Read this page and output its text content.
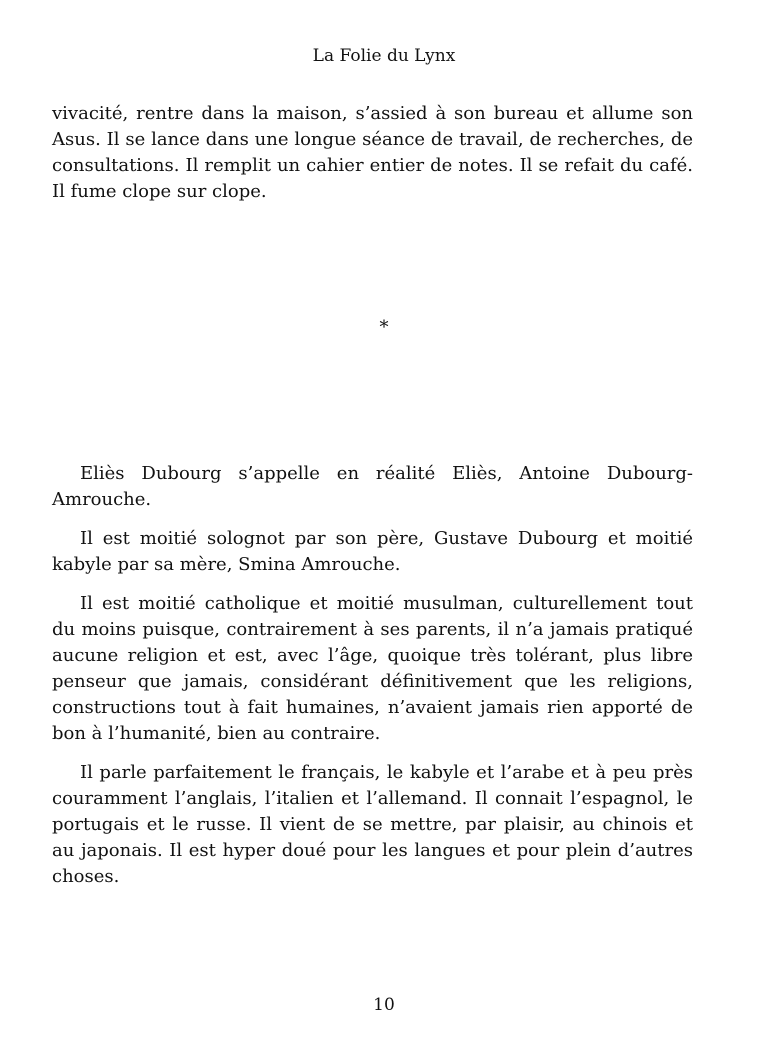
La Folie du Lynx

vivacité, rentre dans la maison, s’assied à son bureau et allume son Asus. Il se lance dans une longue séance de travail, de recherches, de consultations. Il remplit un cahier entier de notes. Il se refait du café. Il fume clope sur clope.

*

Eliès Dubourg s’appelle en réalité Eliès, Antoine Dubourg-Amrouche.

Il est moitié solognot par son père, Gustave Dubourg et moitié kabyle par sa mère, Smina Amrouche.

Il est moitié catholique et moitié musulman, culturellement tout du moins puisque, contrairement à ses parents, il n’a jamais pratiqué aucune religion et est, avec l’âge, quoique très tolérant, plus libre penseur que jamais, considérant définitivement que les religions, constructions tout à fait humaines, n’avaient jamais rien apporté de bon à l’humanité, bien au contraire.

Il parle parfaitement le français, le kabyle et l’arabe et à peu près couramment l’anglais, l’italien et l’allemand. Il connait l’espagnol, le portugais et le russe. Il vient de se mettre, par plaisir, au chinois et au japonais. Il est hyper doué pour les langues et pour plein d’autres choses.

10
